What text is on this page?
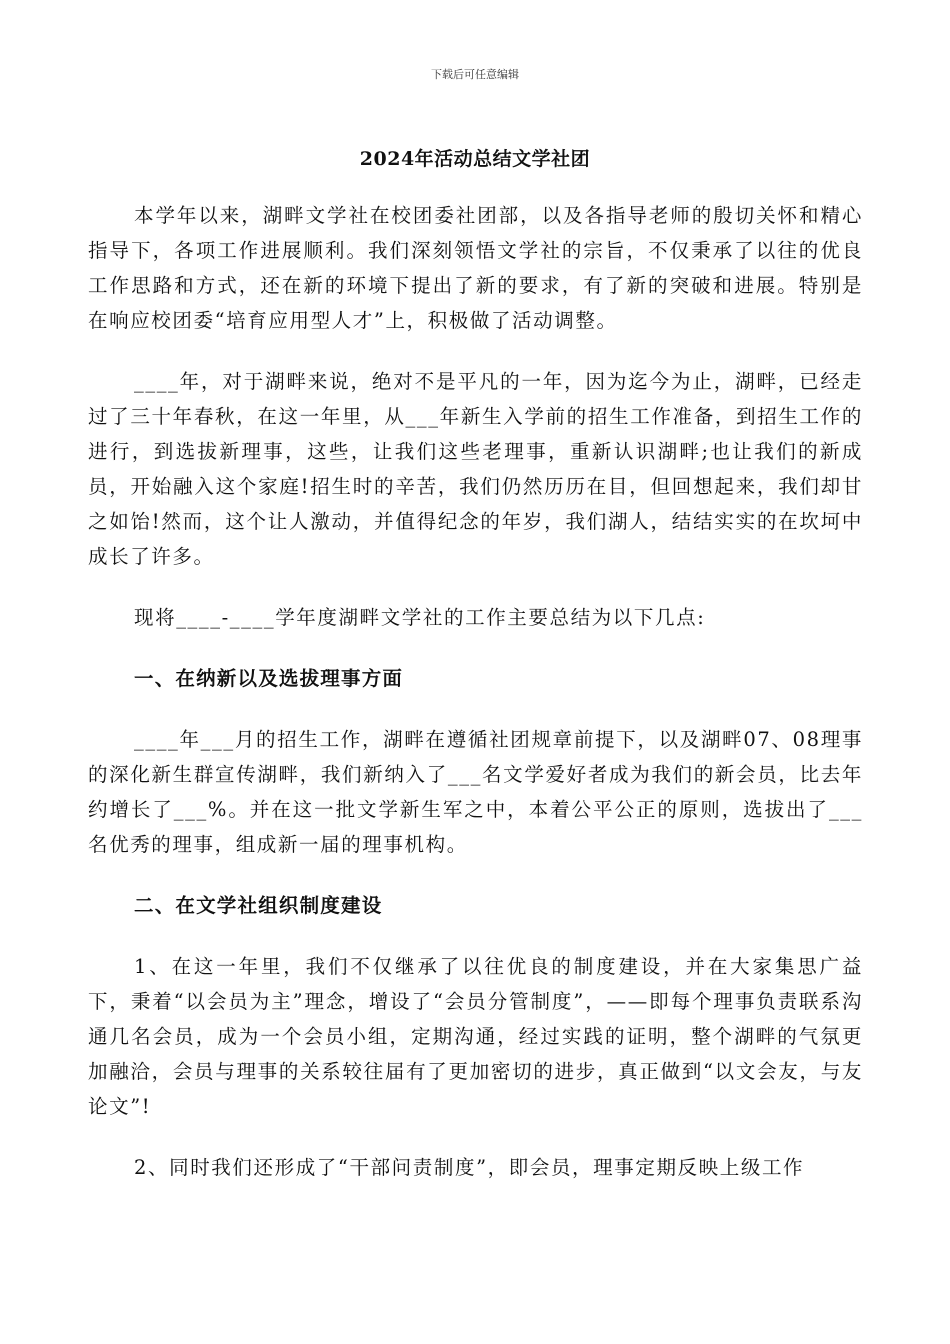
下载后可任意编辑
2024年活动总结文学社团

本学年以来，湖畔文学社在校团委社团部，以及各指导老师的殷切关怀和精心指导下，各项工作进展顺利。我们深刻领悟文学社的宗旨，不仅秉承了以往的优良工作思路和方式，还在新的环境下提出了新的要求，有了新的突破和进展。特别是在响应校团委“培育应用型人才”上，积极做了活动调整。

____年，对于湖畔来说，绝对不是平凡的一年，因为迄今为止，湖畔，已经走过了三十年春秋，在这一年里，从___年新生入学前的招生工作准备，到招生工作的进行，到选拔新理事，这些，让我们这些老理事，重新认识湖畔;也让我们的新成员，开始融入这个家庭!招生时的辛苦，我们仍然历历在目，但回想起来，我们却甘之如饴!然而，这个让人激动，并值得纪念的年岁，我们湖人，结结实实的在坎坷中成长了许多。

现将____-____学年度湖畔文学社的工作主要总结为以下几点:

一、在纳新以及选拔理事方面

____年___月的招生工作，湖畔在遵循社团规章前提下，以及湖畔07、08理事的深化新生群宣传湖畔，我们新纳入了___名文学爱好者成为我们的新会员，比去年约增长了___%。并在这一批文学新生军之中，本着公平公正的原则，选拔出了___名优秀的理事，组成新一届的理事机构。

二、在文学社组织制度建设

1、在这一年里，我们不仅继承了以往优良的制度建设，并在大家集思广益下，秉着“以会员为主”理念，增设了“会员分管制度”，——即每个理事负责联系沟通几名会员，成为一个会员小组，定期沟通，经过实践的证明，整个湖畔的气氛更加融洽，会员与理事的关系较往届有了更加密切的进步，真正做到“以文会友，与友论文”!

2、同时我们还形成了“干部问责制度”，即会员，理事定期反映上级工作
